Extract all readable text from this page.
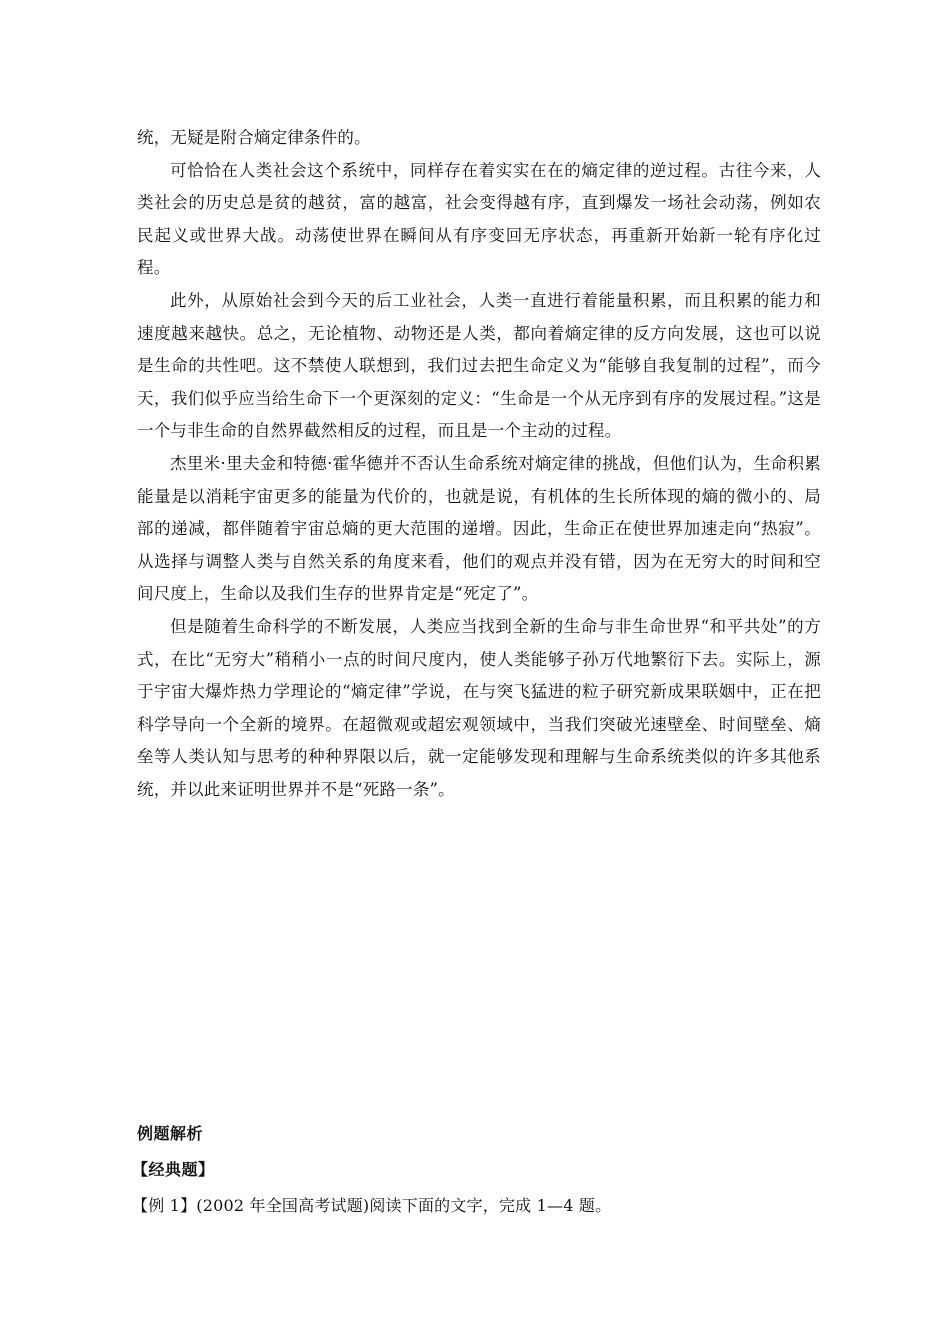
统，无疑是附合熵定律条件的。

可恰恰在人类社会这个系统中，同样存在着实实在在的熵定律的逆过程。古往今来，人类社会的历史总是贫的越贫，富的越富，社会变得越有序，直到爆发一场社会动荡，例如农民起义或世界大战。动荡使世界在瞬间从有序变回无序状态，再重新开始新一轮有序化过程。

此外，从原始社会到今天的后工业社会，人类一直进行着能量积累，而且积累的能力和速度越来越快。总之，无论植物、动物还是人类，都向着熵定律的反方向发展，这也可以说是生命的共性吧。这不禁使人联想到，我们过去把生命定义为“能够自我复制的过程”，而今天，我们似乎应当给生命下一个更深刻的定义：“生命是一个从无序到有序的发展过程。”这是一个与非生命的自然界截然相反的过程，而且是一个主动的过程。

杰里米·里夫金和特德·霍华德并不否认生命系统对熵定律的挑战，但他们认为，生命积累能量是以消耗宇宙更多的能量为代价的，也就是说，有机体的生长所体现的熵的微小的、局部的递减，都伴随着宇宙总熵的更大范围的递增。因此，生命正在使世界加速走向“热寂”。从选择与调整人类与自然关系的角度来看，他们的观点并没有错，因为在无穷大的时间和空间尺度上，生命以及我们生存的世界肯定是“死定了”。

但是随着生命科学的不断发展，人类应当找到全新的生命与非生命世界“和平共处”的方式，在比“无穷大”稍稍小一点的时间尺度内，使人类能够子孙万代地繁衍下去。实际上，源于宇宙大爆炸热力学理论的“熵定律”学说，在与突飞猛进的粒子研究新成果联姻中，正在把科学导向一个全新的境界。在超微观或超宏观领域中，当我们突破光速壁垒、时间壁垒、熵垒等人类认知与思考的种种界限以后，就一定能够发现和理解与生命系统类似的许多其他系统，并以此来证明世界并不是“死路一条”。

例题解析
【经典题】
【例 1】(2002 年全国高考试题)阅读下面的文字，完成 1—4 题。
